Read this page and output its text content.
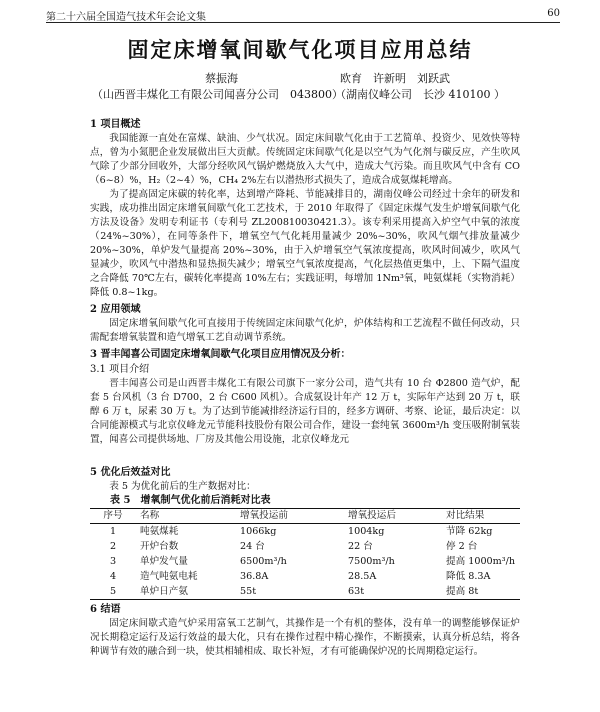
第二十六届全国造气技术年会论文集	60
固定床增氧间歇气化项目应用总结
蔡振海	欧育　许新明　刘跃武
（山西晋丰煤化工有限公司闻喜分公司　043800）
（湖南仪峰公司　长沙 410100 ）
1 项目概述

我国能源一直处在富煤、缺油、少气状况。固定床间歇气化由于工艺简单、投资少、见效快等特点，曾为小氮肥企业发展做出巨大贡献。传统固定床间歇气化是以空气为气化剂与碳反应，产生吹风气除了少部分回收外，大部分经吹风气锅炉燃烧放入大气中，造成大气污染。而且吹风气中含有 CO（6~8）%，H₂（2~4）%，CH₄ 2%左右以潜热形式损失了，造成合成氨煤耗增高。

为了提高固定床碳的转化率，达到增产降耗、节能减排目的，湖南仪峰公司经过十余年的研发和实践，成功推出固定床增氧间歇气化工艺技术，于 2010 年取得了《固定床煤气发生炉增氧间歇气化方法及设备》发明专利证书（专利号 ZL200810030421.3）。该专利采用提高入炉空气中氧的浓度（24%~30%），在同等条件下，增氧空气气化耗用量减少 20%~30%，吹风气烟气排放量减少 20%~30%，单炉发气量提高 20%~30%，由于入炉增氧空气氧浓度提高，吹风时间减少，吹风气显减少，吹风气中潜热和显热损失减少；增氧空气氧浓度提高，气化层热值更集中，上、下隔气温度之合降低 70℃左右，碳转化率提高 10%左右；实践证明，每增加 1Nm³氧，吨氨煤耗（实物消耗）降低 0.8~1kg。

2 应用领域

固定床增氧间歇气化可直接用于传统固定床间歇气化炉，炉体结构和工艺流程不做任何改动，只需配套增氧装置和造气增氧工艺自动调节系统。

3 晋丰闻喜公司固定床增氧间歇气化项目应用情况及分析：
3.1 项目介绍

晋丰闻喜公司是山西晋丰煤化工有限公司旗下一家分公司，造气共有 10 台 Φ2800 造气炉，配套 5 台风机（3 台 D700，2 台 C600 风机）。合成氨设计年产 12 万 t，实际年产达到 20 万 t，联醇 6 万 t，尿素 30 万 t。为了达到节能减排经济运行目的，经多方调研、考察、论证，最后决定：以合同能源模式与北京仪峰龙元节能科技股份有限公司合作，建设一套纯氧 3600m³/h 变压吸附制氧装置，闻喜公司提供场地、厂房及其他公用设施，北京仪峰龙元

5 优化后效益对比

表 5 为优化前后的生产数据对比：

表 5　增氧制气优化前后消耗对比表
序号	名称	增氧投运前	增氧投运后	对比结果
1	吨氨煤耗	1066kg	1004kg	节降 62kg
2	开炉台数	24 台	22 台	停 2 台
3	单炉发气量	6500m³/h	7500m³/h	提高 1000m³/h
4	造气吨氨电耗	36.8A	28.5A	降低 8.3A
5	单炉日产氨	55t	63t	提高 8t
6 结语

固定床间歇式造气炉采用富氧工艺制气，其操作是一个有机的整体，没有单一的调整能够保证炉况长期稳定运行及运行效益的最大化，只有在操作过程中精心操作，不断摸索，认真分析总结，将各种调节有效的融合到一块，使其相辅相成、取长补短，才有可能确保炉况的长周期稳定运行。
